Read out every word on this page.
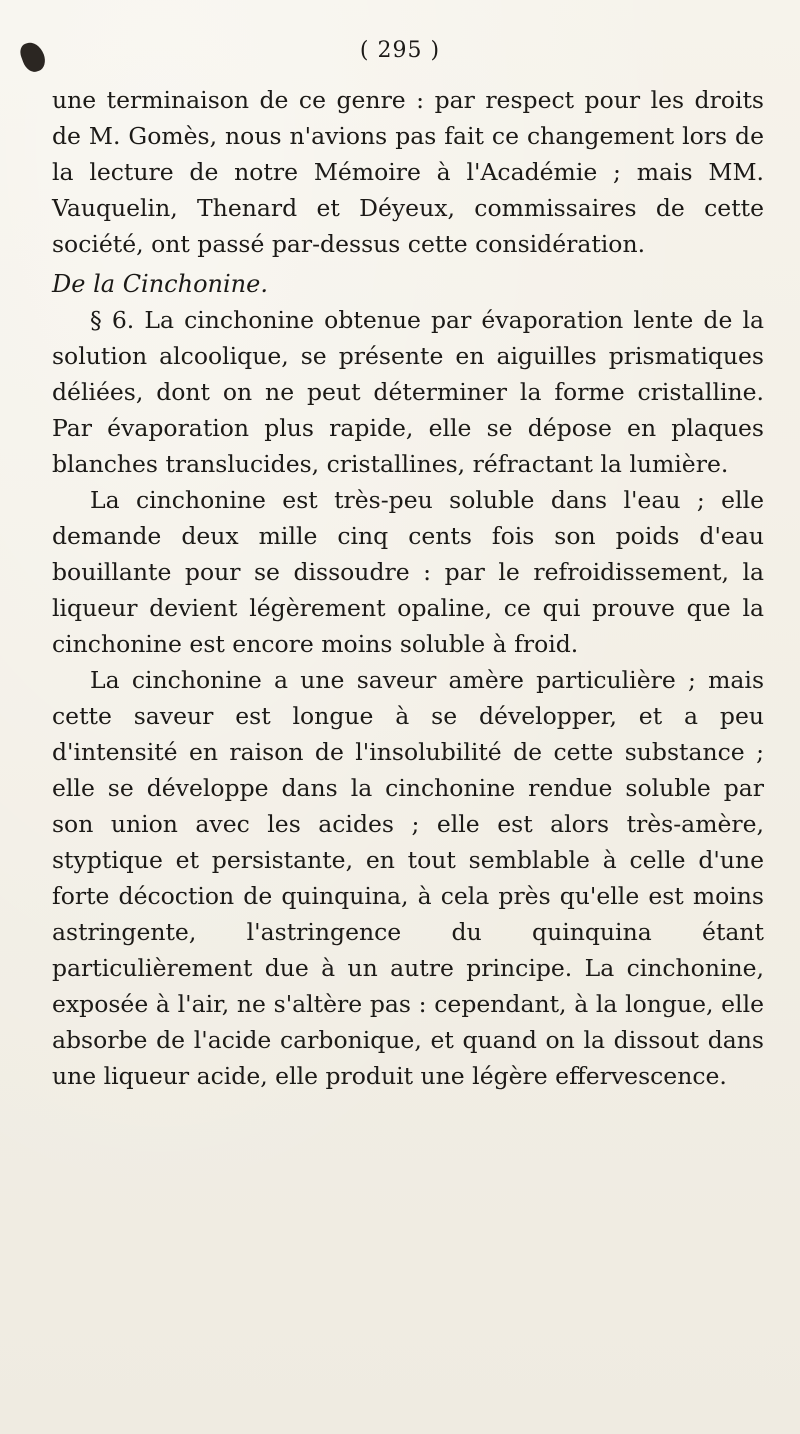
( 295 )

une terminaison de ce genre : par respect pour les droits de M. Gomès, nous n'avions pas fait ce changement lors de la lecture de notre Mémoire à l'Académie ; mais MM. Vauquelin, Thenard et Déyeux, commissaires de cette société, ont passé par-dessus cette considération.

De la Cinchonine.

§ 6. La cinchonine obtenue par évaporation lente de la solution alcoolique, se présente en aiguilles prismatiques déliées, dont on ne peut déterminer la forme cristalline. Par évaporation plus rapide, elle se dépose en plaques blanches translucides, cristallines, réfractant la lumière.

La cinchonine est très-peu soluble dans l'eau ; elle demande deux mille cinq cents fois son poids d'eau bouillante pour se dissoudre : par le refroidissement, la liqueur devient légèrement opaline, ce qui prouve que la cinchonine est encore moins soluble à froid.

La cinchonine a une saveur amère particulière ; mais cette saveur est longue à se développer, et a peu d'intensité en raison de l'insolubilité de cette substance ; elle se développe dans la cinchonine rendue soluble par son union avec les acides ; elle est alors très-amère, styptique et persistante, en tout semblable à celle d'une forte décoction de quinquina, à cela près qu'elle est moins astringente, l'astringence du quinquina étant particulièrement due à un autre principe. La cinchonine, exposée à l'air, ne s'altère pas : cependant, à la longue, elle absorbe de l'acide carbonique, et quand on la dissout dans une liqueur acide, elle produit une légère effervescence.
